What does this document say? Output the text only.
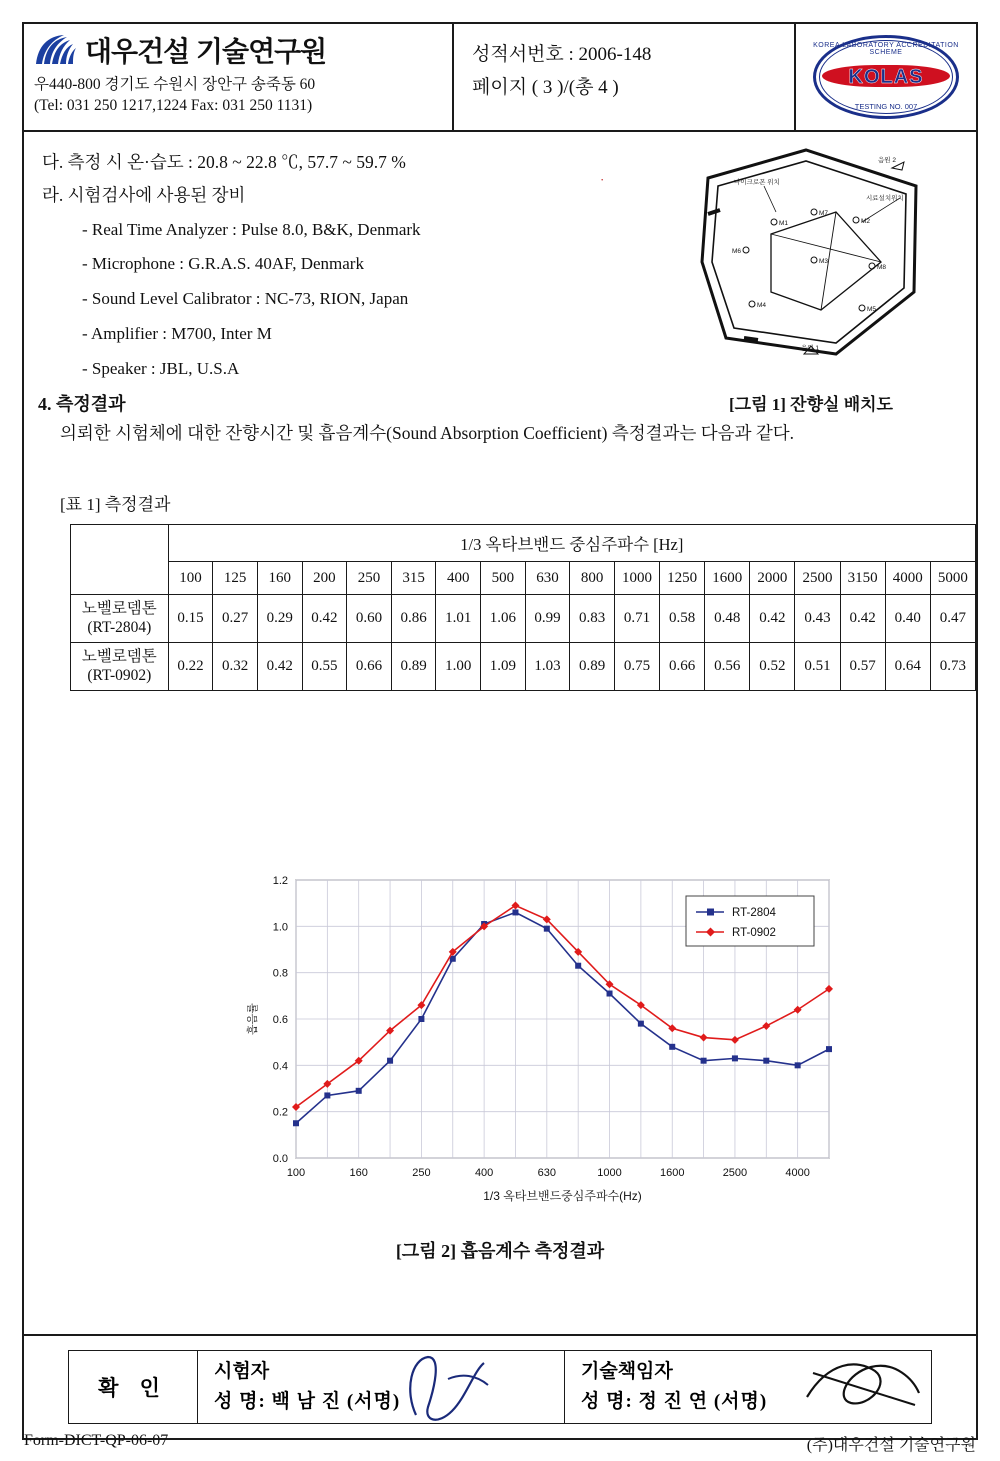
대우건설 기술연구원
우440-800 경기도 수원시 장안구 송죽동 60
(Tel: 031 250 1217,1224 Fax: 031 250 1131)
성적서번호 : 2006-148
페이지 ( 3 )/(총 4 )
KOREA LABORATORY ACCREDITATION SCHEME
KOLAS
TESTING NO. 007
다. 측정 시 온·습도 : 20.8 ~ 22.8 ℃, 57.7 ~ 59.7 %
라. 시험검사에 사용된 장비
- Real Time Analyzer : Pulse 8.0, B&K, Denmark
- Microphone : G.R.A.S. 40AF, Denmark
- Sound Level Calibrator : NC-73, RION, Japan
- Amplifier : M700, Inter M
- Speaker : JBL, U.S.A
·
M1
M7
M2
M6
M3
M8
M4
M5
마이크로폰 위치
시료설치위치
음원 2
음원 1
[그림 1] 잔향실 배치도
4. 측정결과
의뢰한 시험체에 대한 잔향시간 및 흡음계수(Sound Absorption Coefficient) 측정결과는 다음과 같다.
[표 1] 측정결과
	1/3 옥타브밴드 중심주파수 [Hz]																	
	100	125	160	200	250	315	400	500	630	800	1000	1250	1600	2000	2500	3150	4000	5000

노벨로뎀톤
(RT-2804)	0.15	0.27	0.29	0.42	0.60	0.86	1.01	1.06	0.99	0.83	0.71	0.58	0.48	0.42	0.43	0.42	0.40	0.47

노벨로뎀톤
(RT-0902)	0.22	0.32	0.42	0.55	0.66	0.89	1.00	1.09	1.03	0.89	0.75	0.66	0.56	0.52	0.51	0.57	0.64	0.73
0.0
0.2
0.4
0.6
0.8
1.0
1.2
100	160	250	400	630	1000	1600	2500	4000
1/3 옥타브밴드중심주파수(Hz)
흡음률
RT-2804
RT-0902
[그림 2] 흡음계수 측정결과
확 인
시험자
성 명: 백 남 진 (서명)
기술책임자
성 명: 정 진 연 (서명)
Form-DICT-QP-06-07	(주)대우건설 기술연구원
